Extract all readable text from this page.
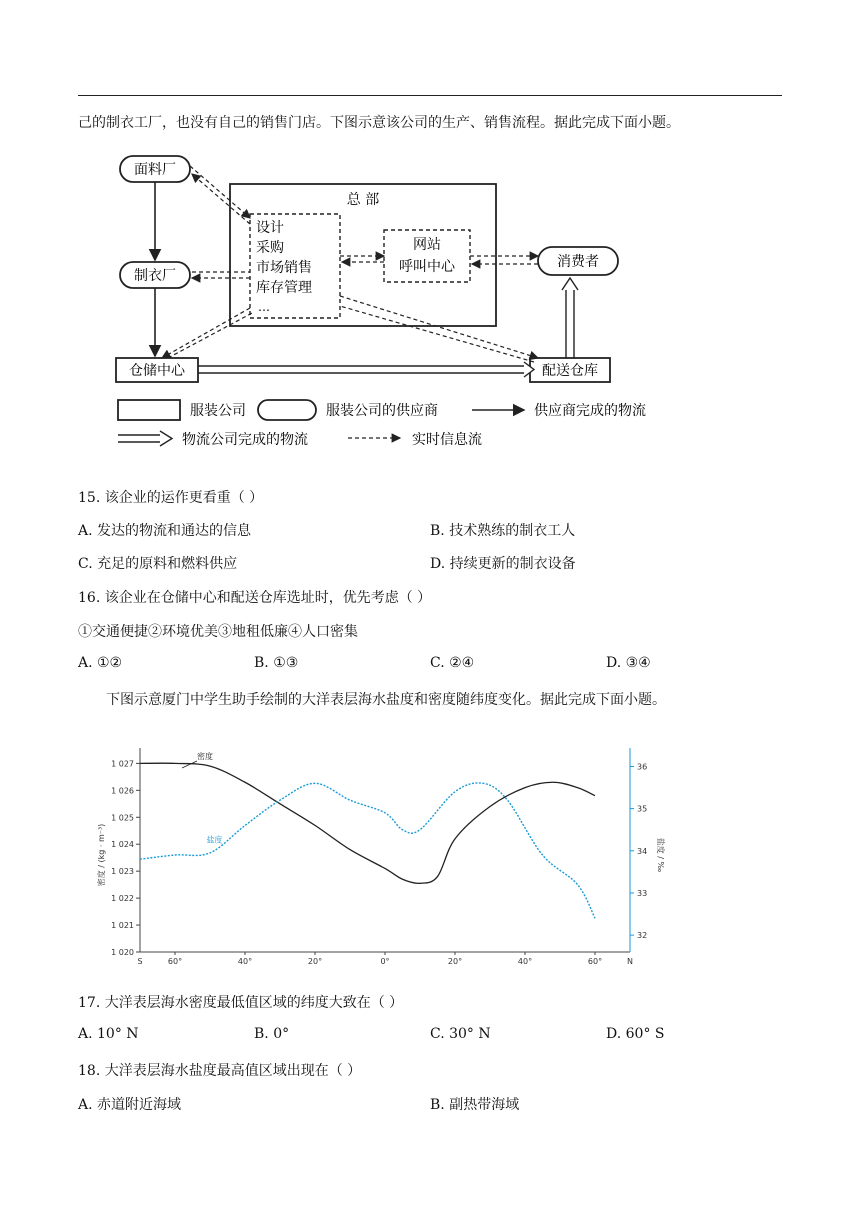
己的制衣工厂，也没有自己的销售门店。下图示意该公司的生产、销售流程。据此完成下面小题。
面料厂
制衣厂
仓储中心
总 部
设计
采购
市场销售
库存管理
…
网站
呼叫中心	消费者
配送仓库
服装公司	服装公司的供应商	供应商完成的物流
物流公司完成的物流	实时信息流
15. 该企业的运作更看重（ ）
A. 发达的物流和通达的信息	B. 技术熟练的制衣工人
C. 充足的原料和燃料供应	D. 持续更新的制衣设备
16. 该企业在仓储中心和配送仓库选址时，优先考虑（ ）
①交通便捷②环境优美③地租低廉④人口密集
A. ①②	B. ①③	C. ②④	D. ③④
下图示意厦门中学生助手绘制的大洋表层海水盐度和密度随纬度变化。据此完成下面小题。
1 027
1 026
1 025
1 024
1 023
1 022
1 021
1 020
36
35
34
33
32
S	60°	40°	20°	0°	20°	40°	60°	N
密度 / (kg · m⁻³)	盐度 / ‰
密度
盐度
17. 大洋表层海水密度最低值区域的纬度大致在（ ）
A. 10° N	B. 0°	C. 30° N	D. 60° S
18. 大洋表层海水盐度最高值区域出现在（ ）
A. 赤道附近海域	B. 副热带海域
